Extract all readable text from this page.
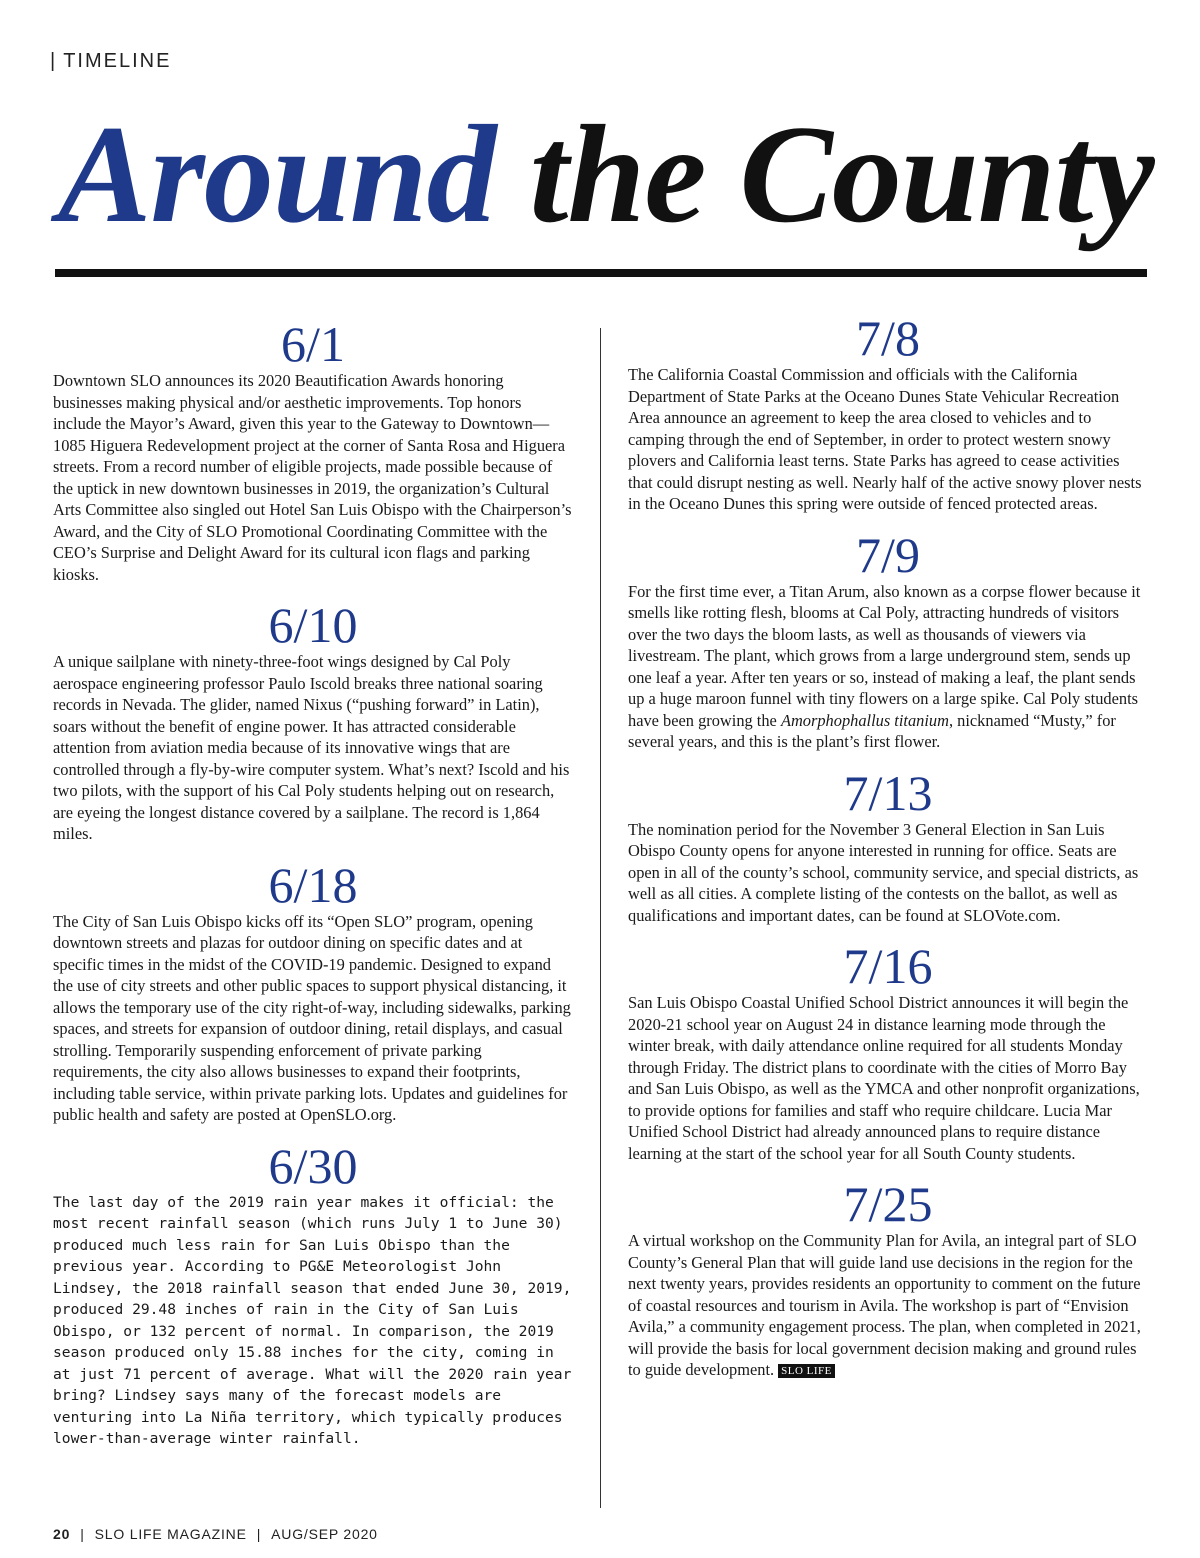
| TIMELINE
Around the County

6/1

Downtown SLO announces its 2020 Beautification Awards honoring businesses making physical and/or aesthetic improvements. Top honors include the Mayor’s Award, given this year to the Gateway to Downtown—1085 Higuera Redevelopment project at the corner of Santa Rosa and Higuera streets. From a record number of eligible projects, made possible because of the uptick in new downtown businesses in 2019, the organization’s Cultural Arts Committee also singled out Hotel San Luis Obispo with the Chairperson’s Award, and the City of SLO Promotional Coordinating Committee with the CEO’s Surprise and Delight Award for its cultural icon flags and parking kiosks.

6/10

A unique sailplane with ninety-three-foot wings designed by Cal Poly aerospace engineering professor Paulo Iscold breaks three national soaring records in Nevada. The glider, named Nixus (“pushing forward” in Latin), soars without the benefit of engine power. It has attracted considerable attention from aviation media because of its innovative wings that are controlled through a fly-by-wire computer system. What’s next? Iscold and his two pilots, with the support of his Cal Poly students helping out on research, are eyeing the longest distance covered by a sailplane. The record is 1,864 miles.

6/18

The City of San Luis Obispo kicks off its “Open SLO” program, opening downtown streets and plazas for outdoor dining on specific dates and at specific times in the midst of the COVID-19 pandemic. Designed to expand the use of city streets and other public spaces to support physical distancing, it allows the temporary use of the city right-of-way, including sidewalks, parking spaces, and streets for expansion of outdoor dining, retail displays, and casual strolling. Temporarily suspending enforcement of private parking requirements, the city also allows businesses to expand their footprints, including table service, within private parking lots. Updates and guidelines for public health and safety are posted at OpenSLO.org.

6/30

The last day of the 2019 rain year makes it official: the most recent rainfall season (which runs July 1 to June 30) produced much less rain for San Luis Obispo than the previous year. According to PG&E Meteorologist John Lindsey, the 2018 rainfall season that ended June 30, 2019, produced 29.48 inches of rain in the City of San Luis Obispo, or 132 percent of normal. In comparison, the 2019 season produced only 15.88 inches for the city, coming in at just 71 percent of average. What will the 2020 rain year bring? Lindsey says many of the forecast models are venturing into La Niña territory, which typically produces lower-than-average winter rainfall.

7/8

The California Coastal Commission and officials with the California Department of State Parks at the Oceano Dunes State Vehicular Recreation Area announce an agreement to keep the area closed to vehicles and to camping through the end of September, in order to protect western snowy plovers and California least terns. State Parks has agreed to cease activities that could disrupt nesting as well. Nearly half of the active snowy plover nests in the Oceano Dunes this spring were outside of fenced protected areas.

7/9

For the first time ever, a Titan Arum, also known as a corpse flower because it smells like rotting flesh, blooms at Cal Poly, attracting hundreds of visitors over the two days the bloom lasts, as well as thousands of viewers via livestream. The plant, which grows from a large underground stem, sends up one leaf a year. After ten years or so, instead of making a leaf, the plant sends up a huge maroon funnel with tiny flowers on a large spike. Cal Poly students have been growing the Amorphophallus titanium, nicknamed “Musty,” for several years, and this is the plant’s first flower.

7/13

The nomination period for the November 3 General Election in San Luis Obispo County opens for anyone interested in running for office. Seats are open in all of the county’s school, community service, and special districts, as well as all cities. A complete listing of the contests on the ballot, as well as qualifications and important dates, can be found at SLOVote.com.

7/16

San Luis Obispo Coastal Unified School District announces it will begin the 2020-21 school year on August 24 in distance learning mode through the winter break, with daily attendance online required for all students Monday through Friday. The district plans to coordinate with the cities of Morro Bay and San Luis Obispo, as well as the YMCA and other nonprofit organizations, to provide options for families and staff who require childcare. Lucia Mar Unified School District had already announced plans to require distance learning at the start of the school year for all South County students.

7/25

A virtual workshop on the Community Plan for Avila, an integral part of SLO County’s General Plan that will guide land use decisions in the region for the next twenty years, provides residents an opportunity to comment on the future of coastal resources and tourism in Avila. The workshop is part of “Envision Avila,” a community engagement process. The plan, when completed in 2021, will provide the basis for local government decision making and ground rules to guide development. SLO LIFE

20 | SLO LIFE MAGAZINE | AUG/SEP 2020
